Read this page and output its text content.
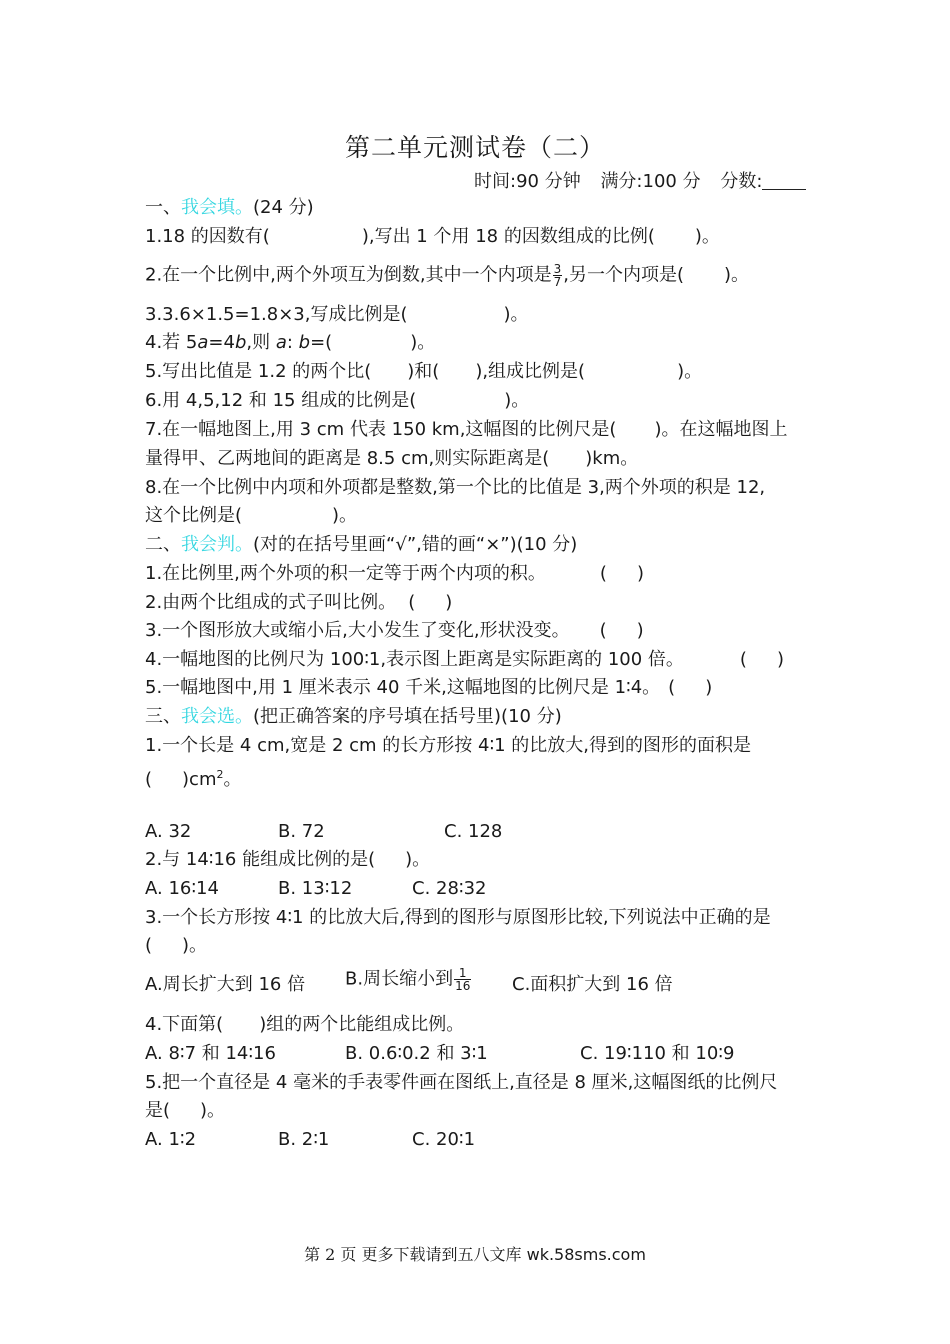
第二单元测试卷（二）
时间:90 分钟 满分:100 分 分数:
一、我会填。(24 分)
1.18 的因数有(	),写出 1 个用 18 的因数组成的比例( )。
2.在一个比例中,两个外项互为倒数,其中一个内项是 $\frac{3}{7}$ ,另一个内项是( )。
3.3.6×1.5=1.8×3,写成比例是(	)。
4.若 5a=4b,则 a: b=(	)。
5.写出比值是 1.2 的两个比( )和( ),组成比例是(	)。
6.用 4,5,12 和 15 组成的比例是(	)。
7.在一幅地图上,用 3 cm 代表 150 km,这幅图的比例尺是( )。在这幅地图上
量得甲、乙两地间的距离是 8.5 cm,则实际距离是( )km。
8.在一个比例中内项和外项都是整数,第一个比的比值是 3,两个外项的积是 12,
这个比例是(	)。
二、我会判。(对的在括号里画“√”,错的画“×”)(10 分)
1.在比例里,两个外项的积一定等于两个内项的积。	( )
2.由两个比组成的式子叫比例。 ( )
3.一个图形放大或缩小后,大小发生了变化,形状没变。 ( )
4.一幅地图的比例尺为 100∶1,表示图上距离是实际距离的 100 倍。	( )
5.一幅地图中,用 1 厘米表示 40 千米,这幅地图的比例尺是 1∶4。 ( )
三、我会选。(把正确答案的序号填在括号里)(10 分)
1.一个长是 4 cm,宽是 2 cm 的长方形按 4∶1 的比放大,得到的图形的面积是
( )$cm^2$。
A. 32	B. 72	C. 128
2.与 14∶16 能组成比例的是( )。
A. 16∶14	B. 13∶12	C. 28∶32
3.一个长方形按 4∶1 的比放大后,得到的图形与原图形比较,下列说法中正确的是
( )。
A.周长扩大到 16 倍 B.周长缩小到 $\frac{1}{16} C$.面积扩大到 16 倍
4.下面第( )组的两个比能组成比例。
A. 8∶7 和 14∶16	B. 0.6∶0.2 和 3∶1	C. 19∶110 和 10∶9
5.把一个直径是 4 毫米的手表零件画在图纸上,直径是 8 厘米,这幅图纸的比例尺
是( )。
A. 1∶2	B. 2∶1	C. 20∶1
第 2 页 更多下载请到五八文库 wk.58sms.com
